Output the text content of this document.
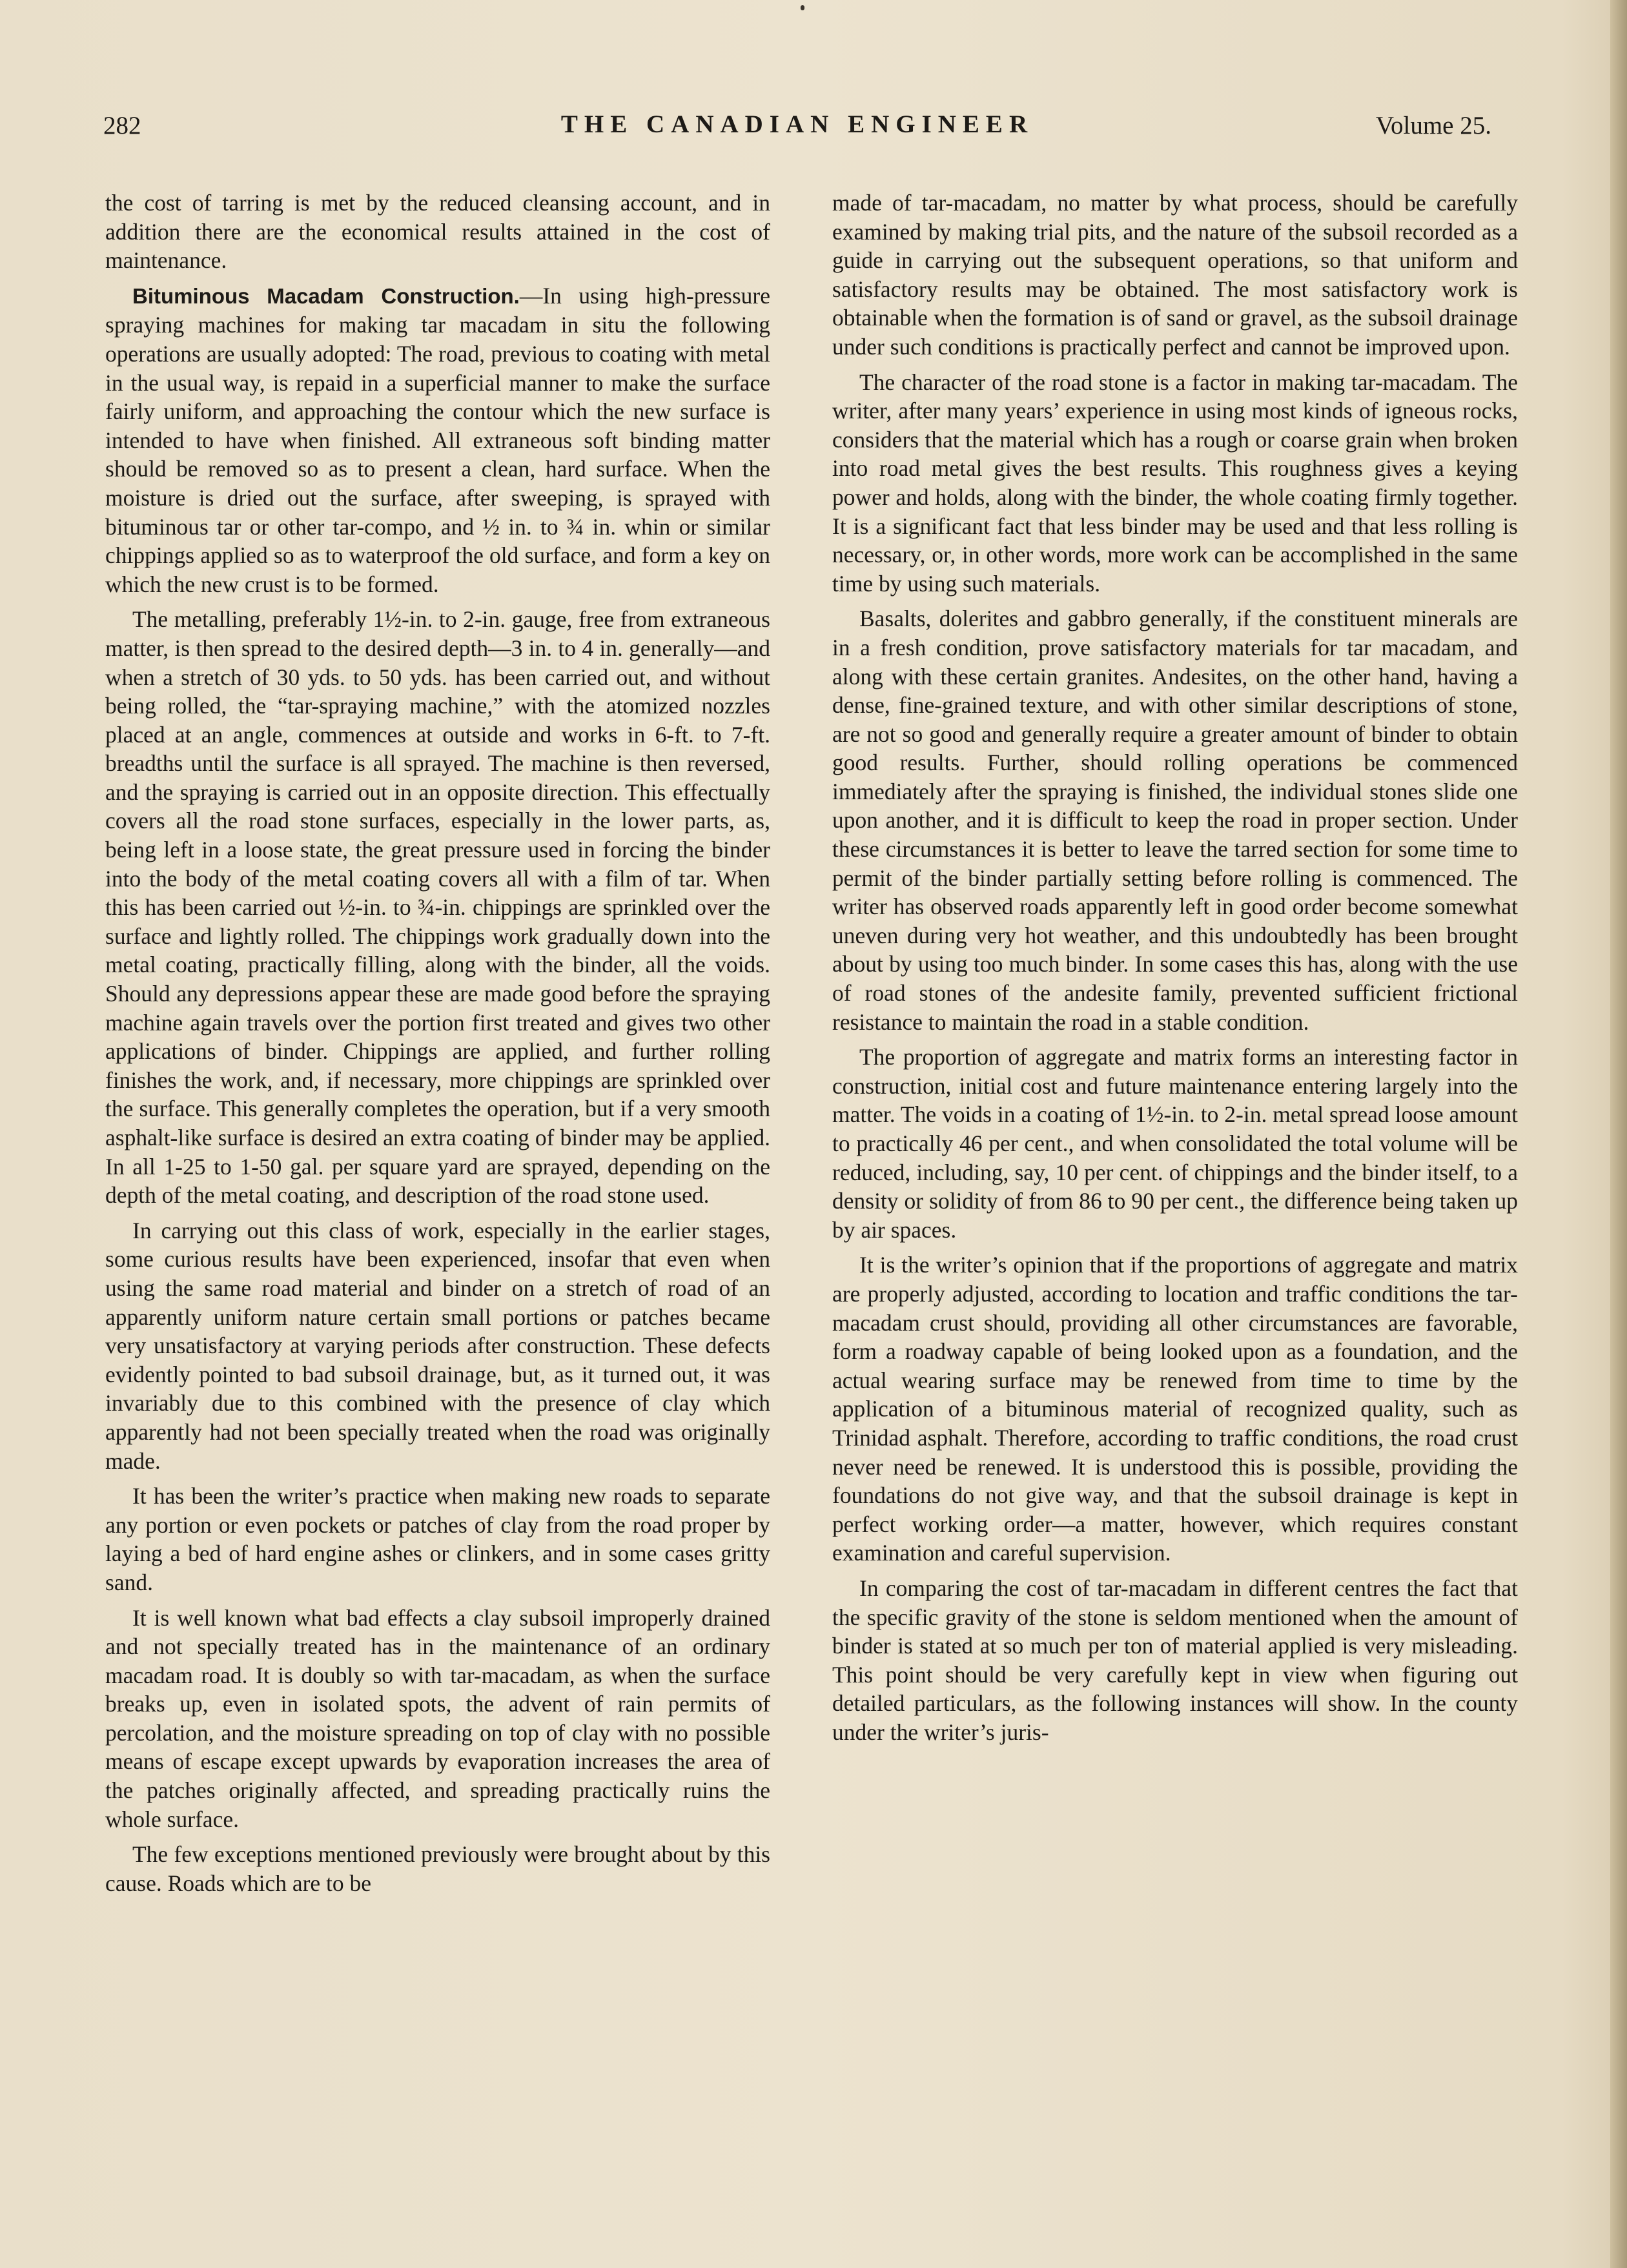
282	THE CANADIAN ENGINEER	Volume 25.

the cost of tarring is met by the reduced cleansing account, and in addition there are the economical results attained in the cost of maintenance.

Bituminous Macadam Construction.—In using high-pressure spraying machines for making tar macadam in situ the following operations are usually adopted: The road, previous to coating with metal in the usual way, is repaid in a superficial manner to make the surface fairly uniform, and approaching the contour which the new surface is intended to have when finished. All extraneous soft binding matter should be removed so as to present a clean, hard surface. When the moisture is dried out the surface, after sweeping, is sprayed with bituminous tar or other tar-compo, and ½ in. to ¾ in. whin or similar chippings applied so as to waterproof the old surface, and form a key on which the new crust is to be formed.

The metalling, preferably 1½-in. to 2-in. gauge, free from extraneous matter, is then spread to the desired depth—3 in. to 4 in. generally—and when a stretch of 30 yds. to 50 yds. has been carried out, and without being rolled, the “tar-spraying machine,” with the atomized nozzles placed at an angle, commences at outside and works in 6-ft. to 7-ft. breadths until the surface is all sprayed. The machine is then reversed, and the spraying is carried out in an opposite direction. This effectually covers all the road stone surfaces, especially in the lower parts, as, being left in a loose state, the great pressure used in forcing the binder into the body of the metal coating covers all with a film of tar. When this has been carried out ½-in. to ¾-in. chippings are sprinkled over the surface and lightly rolled. The chippings work gradually down into the metal coating, practically filling, along with the binder, all the voids. Should any depressions appear these are made good before the spraying machine again travels over the portion first treated and gives two other applications of binder. Chippings are applied, and further rolling finishes the work, and, if necessary, more chippings are sprinkled over the surface. This generally completes the operation, but if a very smooth asphalt-like surface is desired an extra coating of binder may be applied. In all 1-25 to 1-50 gal. per square yard are sprayed, depending on the depth of the metal coating, and description of the road stone used.

In carrying out this class of work, especially in the earlier stages, some curious results have been experienced, insofar that even when using the same road material and binder on a stretch of road of an apparently uniform nature certain small portions or patches became very unsatisfactory at varying periods after construction. These defects evidently pointed to bad subsoil drainage, but, as it turned out, it was invariably due to this combined with the presence of clay which apparently had not been specially treated when the road was originally made.

It has been the writer’s practice when making new roads to separate any portion or even pockets or patches of clay from the road proper by laying a bed of hard engine ashes or clinkers, and in some cases gritty sand.

It is well known what bad effects a clay subsoil improperly drained and not specially treated has in the maintenance of an ordinary macadam road. It is doubly so with tar-macadam, as when the surface breaks up, even in isolated spots, the advent of rain permits of percolation, and the moisture spreading on top of clay with no possible means of escape except upwards by evaporation increases the area of the patches originally affected, and spreading practically ruins the whole surface.

The few exceptions mentioned previously were brought about by this cause. Roads which are to be

made of tar-macadam, no matter by what process, should be carefully examined by making trial pits, and the nature of the subsoil recorded as a guide in carrying out the subsequent operations, so that uniform and satisfactory results may be obtained. The most satisfactory work is obtainable when the formation is of sand or gravel, as the subsoil drainage under such conditions is practically perfect and cannot be improved upon.

The character of the road stone is a factor in making tar-macadam. The writer, after many years’ experience in using most kinds of igneous rocks, considers that the material which has a rough or coarse grain when broken into road metal gives the best results. This roughness gives a keying power and holds, along with the binder, the whole coating firmly together. It is a significant fact that less binder may be used and that less rolling is necessary, or, in other words, more work can be accomplished in the same time by using such materials.

Basalts, dolerites and gabbro generally, if the constituent minerals are in a fresh condition, prove satisfactory materials for tar macadam, and along with these certain granites. Andesites, on the other hand, having a dense, fine-grained texture, and with other similar descriptions of stone, are not so good and generally require a greater amount of binder to obtain good results. Further, should rolling operations be commenced immediately after the spraying is finished, the individual stones slide one upon another, and it is difficult to keep the road in proper section. Under these circumstances it is better to leave the tarred section for some time to permit of the binder partially setting before rolling is commenced. The writer has observed roads apparently left in good order become somewhat uneven during very hot weather, and this undoubtedly has been brought about by using too much binder. In some cases this has, along with the use of road stones of the andesite family, prevented sufficient frictional resistance to maintain the road in a stable condition.

The proportion of aggregate and matrix forms an interesting factor in construction, initial cost and future maintenance entering largely into the matter. The voids in a coating of 1½-in. to 2-in. metal spread loose amount to practically 46 per cent., and when consolidated the total volume will be reduced, including, say, 10 per cent. of chippings and the binder itself, to a density or solidity of from 86 to 90 per cent., the difference being taken up by air spaces.

It is the writer’s opinion that if the proportions of aggregate and matrix are properly adjusted, according to location and traffic conditions the tar-macadam crust should, providing all other circumstances are favorable, form a roadway capable of being looked upon as a foundation, and the actual wearing surface may be renewed from time to time by the application of a bituminous material of recognized quality, such as Trinidad asphalt. Therefore, according to traffic conditions, the road crust never need be renewed. It is understood this is possible, providing the foundations do not give way, and that the subsoil drainage is kept in perfect working order—a matter, however, which requires constant examination and careful supervision.

In comparing the cost of tar-macadam in different centres the fact that the specific gravity of the stone is seldom mentioned when the amount of binder is stated at so much per ton of material applied is very misleading. This point should be very carefully kept in view when figuring out detailed particulars, as the following instances will show. In the county under the writer’s juris-
